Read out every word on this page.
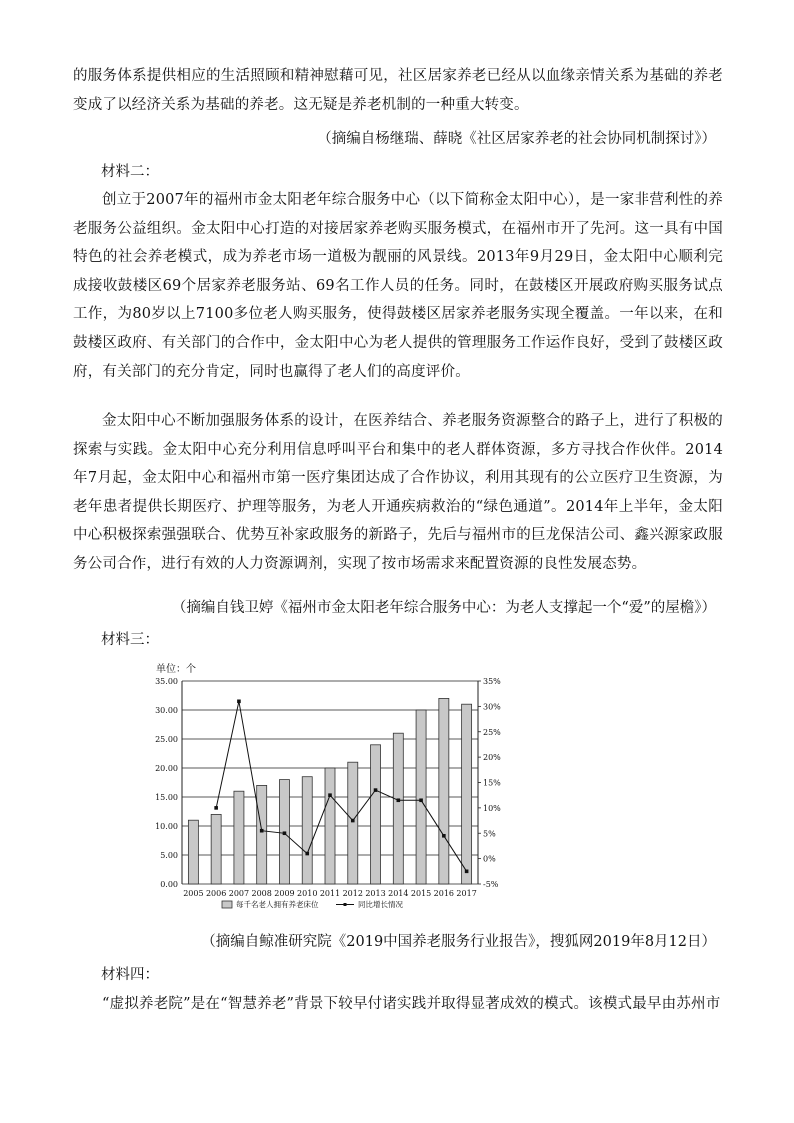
的服务体系提供相应的生活照顾和精神慰藉可见，社区居家养老已经从以血缘亲情关系为基础的养老变成了以经济关系为基础的养老。这无疑是养老机制的一种重大转变。
（摘编自杨继瑞、薛晓《社区居家养老的社会协同机制探讨》）
材料二：
创立于2007年的福州市金太阳老年综合服务中心（以下简称金太阳中心），是一家非营利性的养老服务公益组织。金太阳中心打造的对接居家养老购买服务模式，在福州市开了先河。这一具有中国特色的社会养老模式，成为养老市场一道极为靓丽的风景线。2013年9月29日，金太阳中心顺利完成接收鼓楼区69个居家养老服务站、69名工作人员的任务。同时，在鼓楼区开展政府购买服务试点工作，为80岁以上7100多位老人购买服务，使得鼓楼区居家养老服务实现全覆盖。一年以来，在和鼓楼区政府、有关部门的合作中，金太阳中心为老人提供的管理服务工作运作良好，受到了鼓楼区政府，有关部门的充分肯定，同时也赢得了老人们的高度评价。
金太阳中心不断加强服务体系的设计，在医养结合、养老服务资源整合的路子上，进行了积极的探索与实践。金太阳中心充分利用信息呼叫平台和集中的老人群体资源，多方寻找合作伙伴。2014年7月起，金太阳中心和福州市第一医疗集团达成了合作协议，利用其现有的公立医疗卫生资源，为老年患者提供长期医疗、护理等服务，为老人开通疾病救治的“绿色通道”。2014年上半年，金太阳中心积极探索强强联合、优势互补家政服务的新路子，先后与福州市的巨龙保洁公司、鑫兴源家政服务公司合作，进行有效的人力资源调剂，实现了按市场需求来配置资源的良性发展态势。
（摘编自钱卫婷《福州市金太阳老年综合服务中心：为老人支撑起一个“爱”的屋檐》）
材料三：
单位：个
0.00
5.00
10.00
15.00
20.00
25.00
30.00
35.00
-5%
0%
5%
10%
15%
20%
25%
30%
35%
2005 2006 2007 2008 2009 2010 2011 2012 2013 2014 2015 2016 2017
每千名老人拥有养老床位	同比增长情况
（摘编自鲸准研究院《2019中国养老服务行业报告》，搜狐网2019年8月12日）
材料四：
“虚拟养老院”是在“智慧养老”背景下较早付诸实践并取得显著成效的模式。该模式最早由苏州市
